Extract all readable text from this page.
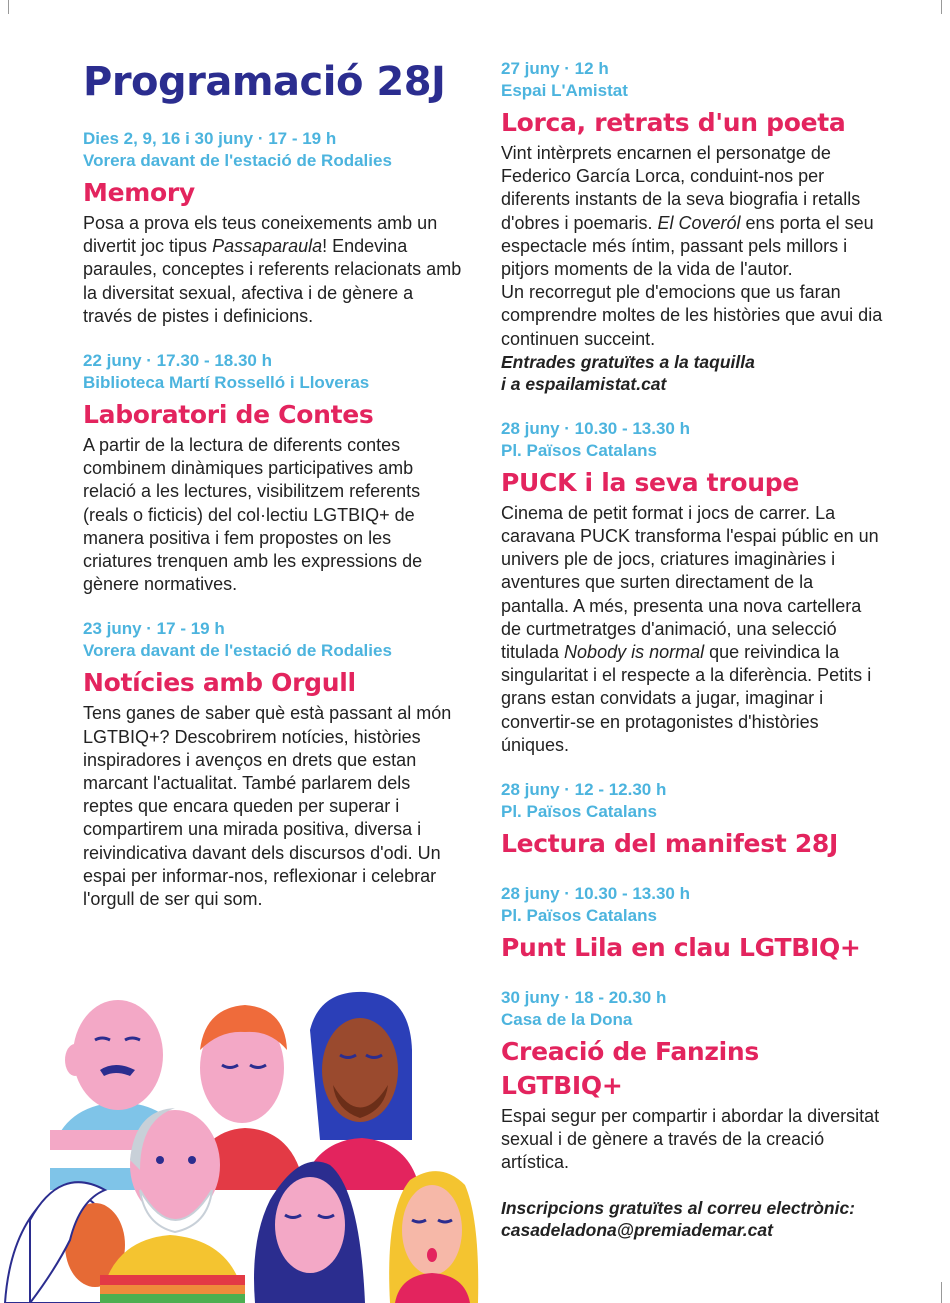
Programació 28J
Dies 2, 9, 16 i 30 juny · 17 - 19 h
Vorera davant de l'estació de Rodalies
Memory
Posa a prova els teus coneixements amb un divertit joc tipus Passaparaula! Endevina paraules, conceptes i referents relacionats amb la diversitat sexual, afectiva i de gènere a través de pistes i definicions.
22 juny · 17.30 - 18.30 h
Biblioteca Martí Rosselló i Lloveras
Laboratori de Contes
A partir de la lectura de diferents contes combinem dinàmiques participatives amb relació a les lectures, visibilitzem referents (reals o ficticis) del col·lectiu LGTBIQ+ de manera positiva i fem propostes on les criatures trenquen amb les expressions de gènere normatives.
23 juny · 17 - 19 h
Vorera davant de l'estació de Rodalies
Notícies amb Orgull
Tens ganes de saber què està passant al món LGTBIQ+? Descobrirem notícies, històries inspiradores i avenços en drets que estan marcant l'actualitat. També parlarem dels reptes que encara queden per superar i compartirem una mirada positiva, diversa i reivindicativa davant dels discursos d'odi. Un espai per informar-nos, reflexionar i celebrar l'orgull de ser qui som.
27 juny · 12 h
Espai L'Amistat
Lorca, retrats d'un poeta

Vint intèrprets encarnen el personatge de Federico García Lorca, conduint-nos per diferents instants de la seva biografia i retalls d'obres i poemaris. El Coveról ens porta el seu espectacle més íntim, passant pels millors i pitjors moments de la vida de l'autor.

Un recorregut ple d'emocions que us faran comprendre moltes de les històries que avui dia continuen succeint.

Entrades gratuïtes a la taquilla
i a espailamistat.cat
28 juny · 10.30 - 13.30 h
Pl. Països Catalans
PUCK i la seva troupe
Cinema de petit format i jocs de carrer. La caravana PUCK transforma l'espai públic en un univers ple de jocs, criatures imaginàries i aventures que surten directament de la pantalla. A més, presenta una nova cartellera de curtmetratges d'animació, una selecció titulada Nobody is normal que reivindica la singularitat i el respecte a la diferència. Petits i grans estan convidats a jugar, imaginar i convertir-se en protagonistes d'històries úniques.
28 juny · 12 - 12.30 h
Pl. Països Catalans
Lectura del manifest 28J
28 juny · 10.30 - 13.30 h
Pl. Països Catalans
Punt Lila en clau LGTBIQ+
30 juny · 18 - 20.30 h
Casa de la Dona
Creació de Fanzins LGTBIQ+
Espai segur per compartir i abordar la diversitat sexual i de gènere a través de la creació artística.
Inscripcions gratuïtes al correu electrònic:
casadeladona@premiademar.cat
